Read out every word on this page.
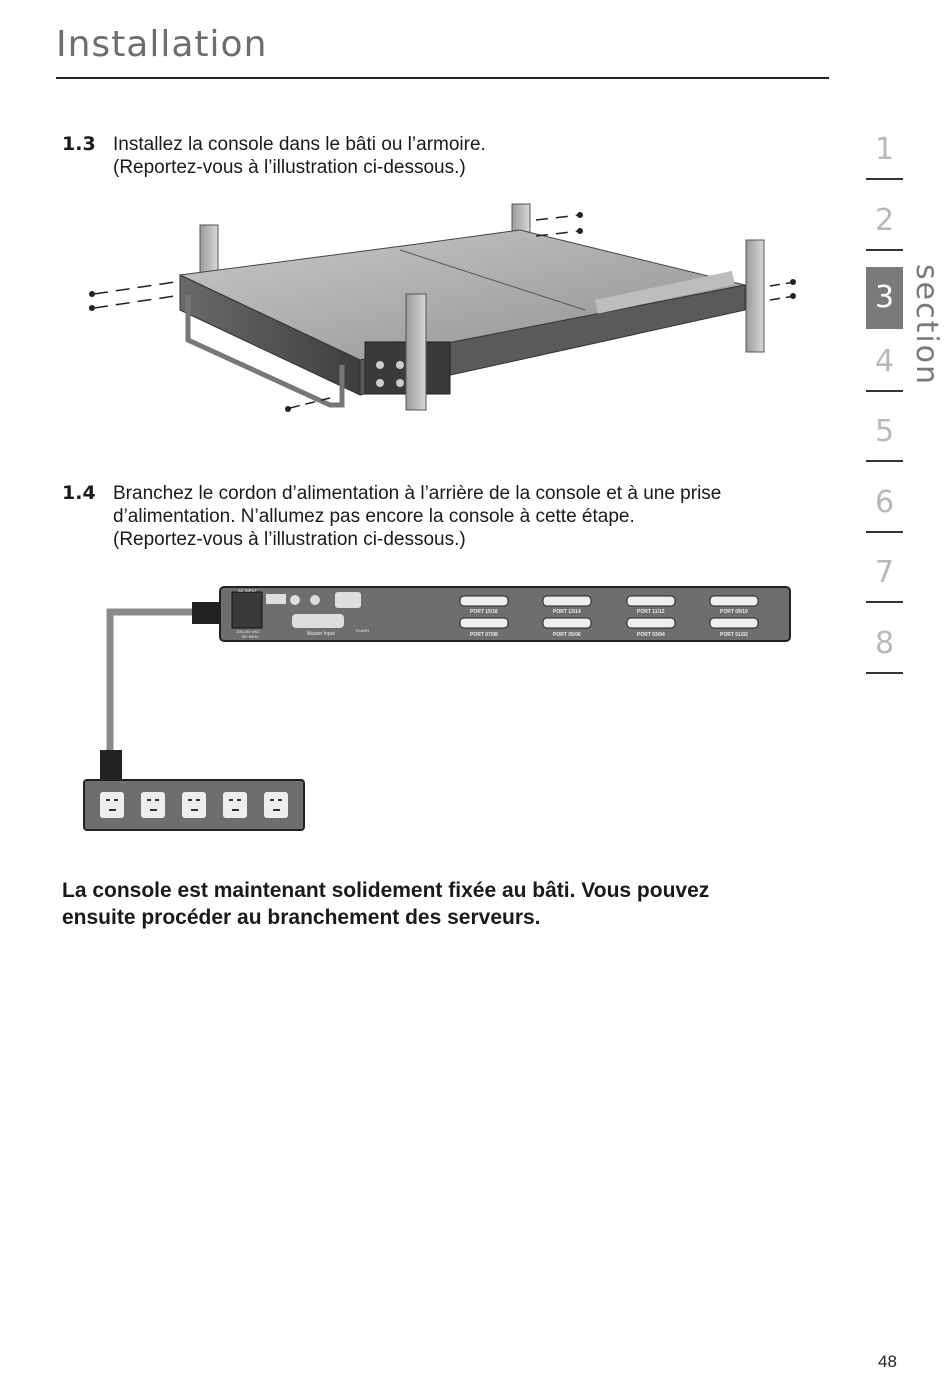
Installation
1.3 Installez la console dans le bâti ou l’armoire.
(Reportez-vous à l’illustration ci-dessous.)
1.4 Branchez le cordon d’alimentation à l’arrière de la console et à une prise
d’alimentation. N’allumez pas encore la console à cette étape.
(Reportez-vous à l’illustration ci-dessous.)
AC INPUT
100-240 VAC
50~60Hz	Master Input
FLASH
PORT 15/16	PORT 13/14	PORT 11/12	PORT 09/10
PORT 07/08	PORT 05/06	PORT 03/04	PORT 01/02
La console est maintenant solidement fixée au bâti. Vous pouvez
ensuite procéder au branchement des serveurs.
1
2
3
4
5
6
7
8
section
48
